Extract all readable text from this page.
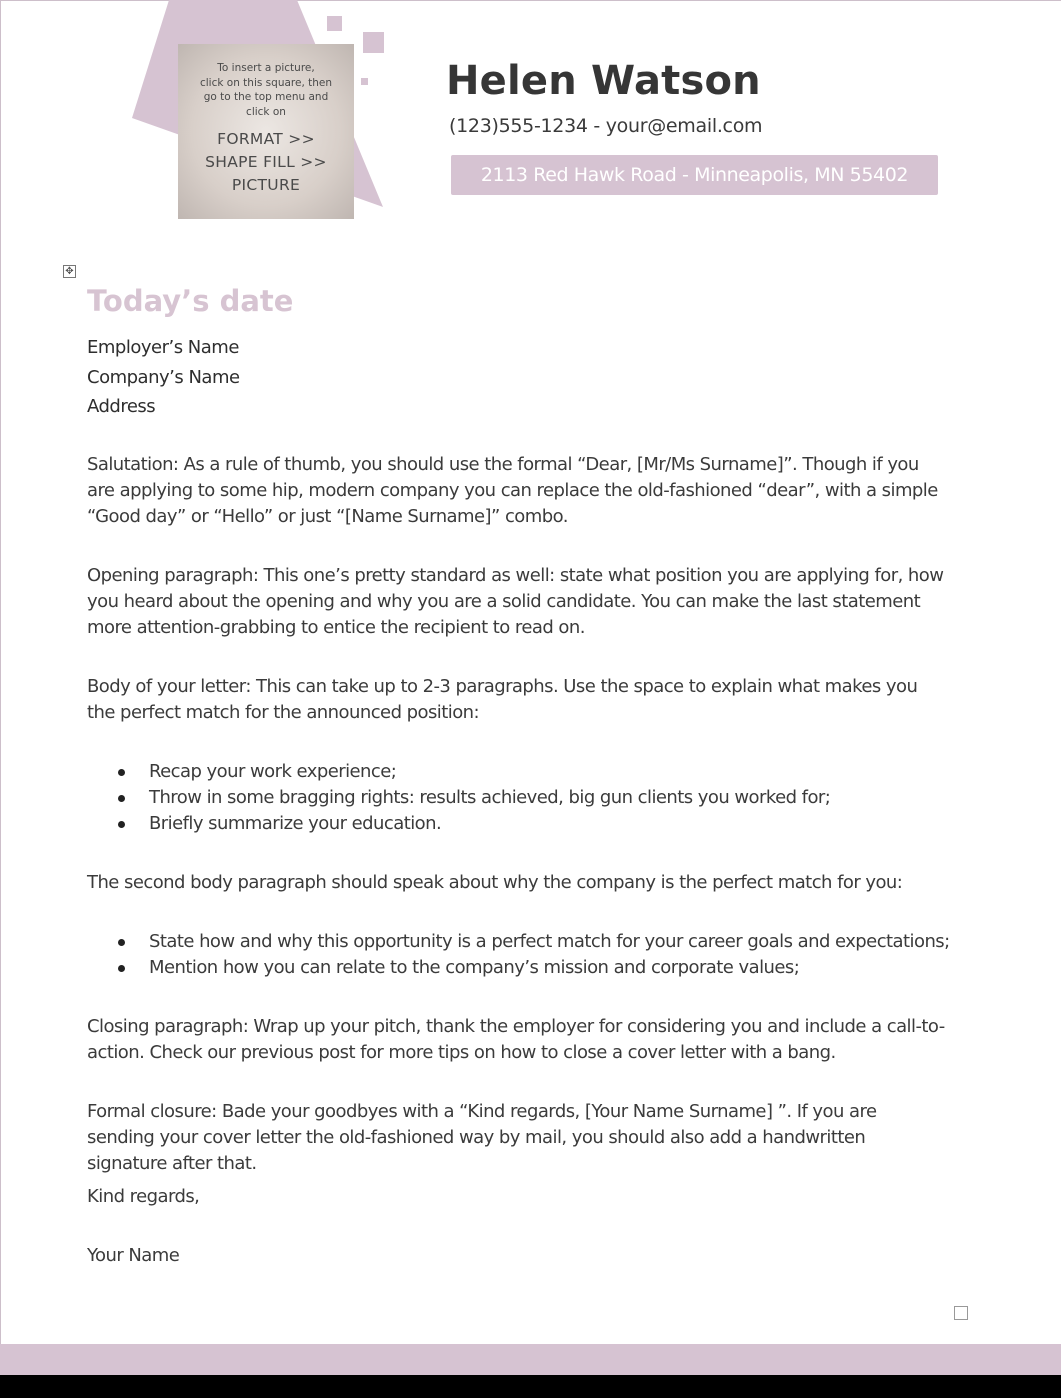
To insert a picture,
click on this square, then
go to the top menu and
click on
FORMAT >>
SHAPE FILL >>
PICTURE
Helen Watson
(123)555-1234 - your@email.com
2113 Red Hawk Road - Minneapolis, MN 55402
✥
Today’s date
Employer’s Name
Company’s Name
Address
Salutation: As a rule of thumb, you should use the formal “Dear, [Mr/Ms Surname]”. Though if you are applying to some hip, modern company you can replace the old-fashioned “dear”, with a simple “Good day” or “Hello” or just “[Name Surname]” combo.
Opening paragraph: This one’s pretty standard as well: state what position you are applying for, how you heard about the opening and why you are a solid candidate. You can make the last statement more attention-grabbing to entice the recipient to read on.
Body of your letter: This can take up to 2-3 paragraphs. Use the space to explain what makes you the perfect match for the announced position:
Recap your work experience;
Throw in some bragging rights: results achieved, big gun clients you worked for;
Briefly summarize your education.
The second body paragraph should speak about why the company is the perfect match for you:
State how and why this opportunity is a perfect match for your career goals and expectations;
Mention how you can relate to the company’s mission and corporate values;
Closing paragraph: Wrap up your pitch, thank the employer for considering you and include a call-to-action. Check our previous post for more tips on how to close a cover letter with a bang.
Formal closure: Bade your goodbyes with a “Kind regards, [Your Name Surname] ”. If you are sending your cover letter the old-fashioned way by mail, you should also add a handwritten signature after that.
Kind regards,
Your Name
